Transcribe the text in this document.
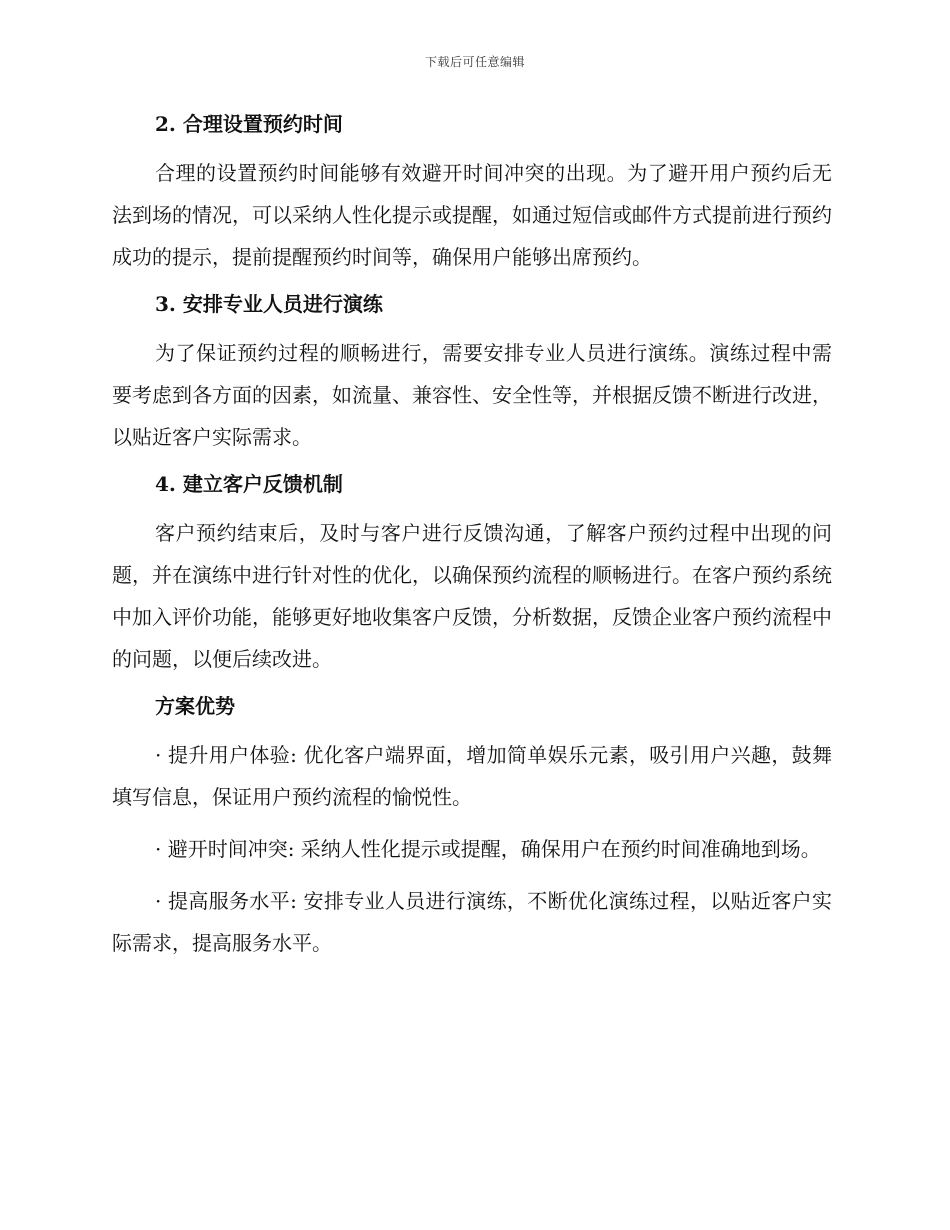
下载后可任意编辑

2. 合理设置预约时间

合理的设置预约时间能够有效避开时间冲突的出现。为了避开用户预约后无法到场的情况，可以采纳人性化提示或提醒，如通过短信或邮件方式提前进行预约成功的提示，提前提醒预约时间等，确保用户能够出席预约。

3. 安排专业人员进行演练

为了保证预约过程的顺畅进行，需要安排专业人员进行演练。演练过程中需要考虑到各方面的因素，如流量、兼容性、安全性等，并根据反馈不断进行改进，以贴近客户实际需求。

4. 建立客户反馈机制

客户预约结束后，及时与客户进行反馈沟通，了解客户预约过程中出现的问题，并在演练中进行针对性的优化，以确保预约流程的顺畅进行。在客户预约系统中加入评价功能，能够更好地收集客户反馈，分析数据，反馈企业客户预约流程中的问题，以便后续改进。

方案优势

· 提升用户体验: 优化客户端界面，增加简单娱乐元素，吸引用户兴趣，鼓舞填写信息，保证用户预约流程的愉悦性。

· 避开时间冲突: 采纳人性化提示或提醒，确保用户在预约时间准确地到场。

· 提高服务水平: 安排专业人员进行演练，不断优化演练过程，以贴近客户实际需求，提高服务水平。
